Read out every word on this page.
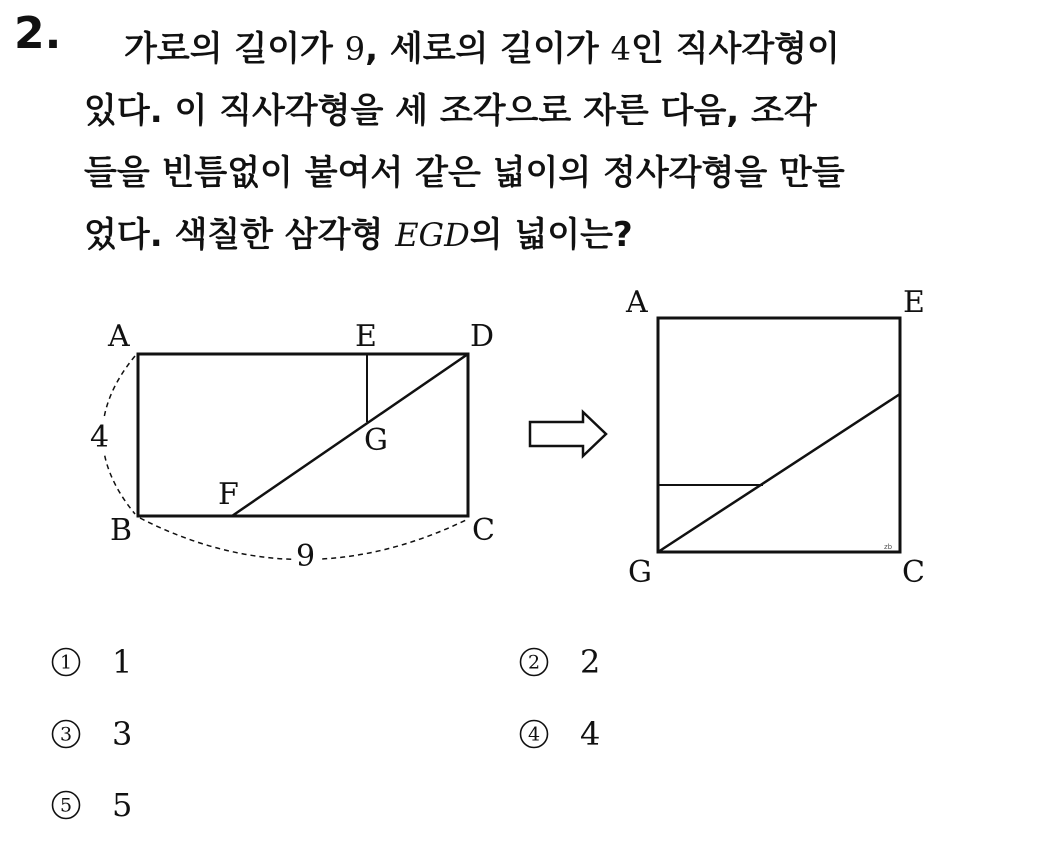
2.	가로의 길이가 9, 세로의 길이가 4인 직사각형이
있다. 이 직사각형을 세 조각으로 자른 다음, 조각
들을 빈틈없이 붙여서 같은 넓이의 정사각형을 만들
었다. 색칠한 삼각형 EGD의 넓이는?
A	E	D
G
F
B	C
4
9
A	E
G	C
zb
1 1	2 2
3 3	4 4
5 5
